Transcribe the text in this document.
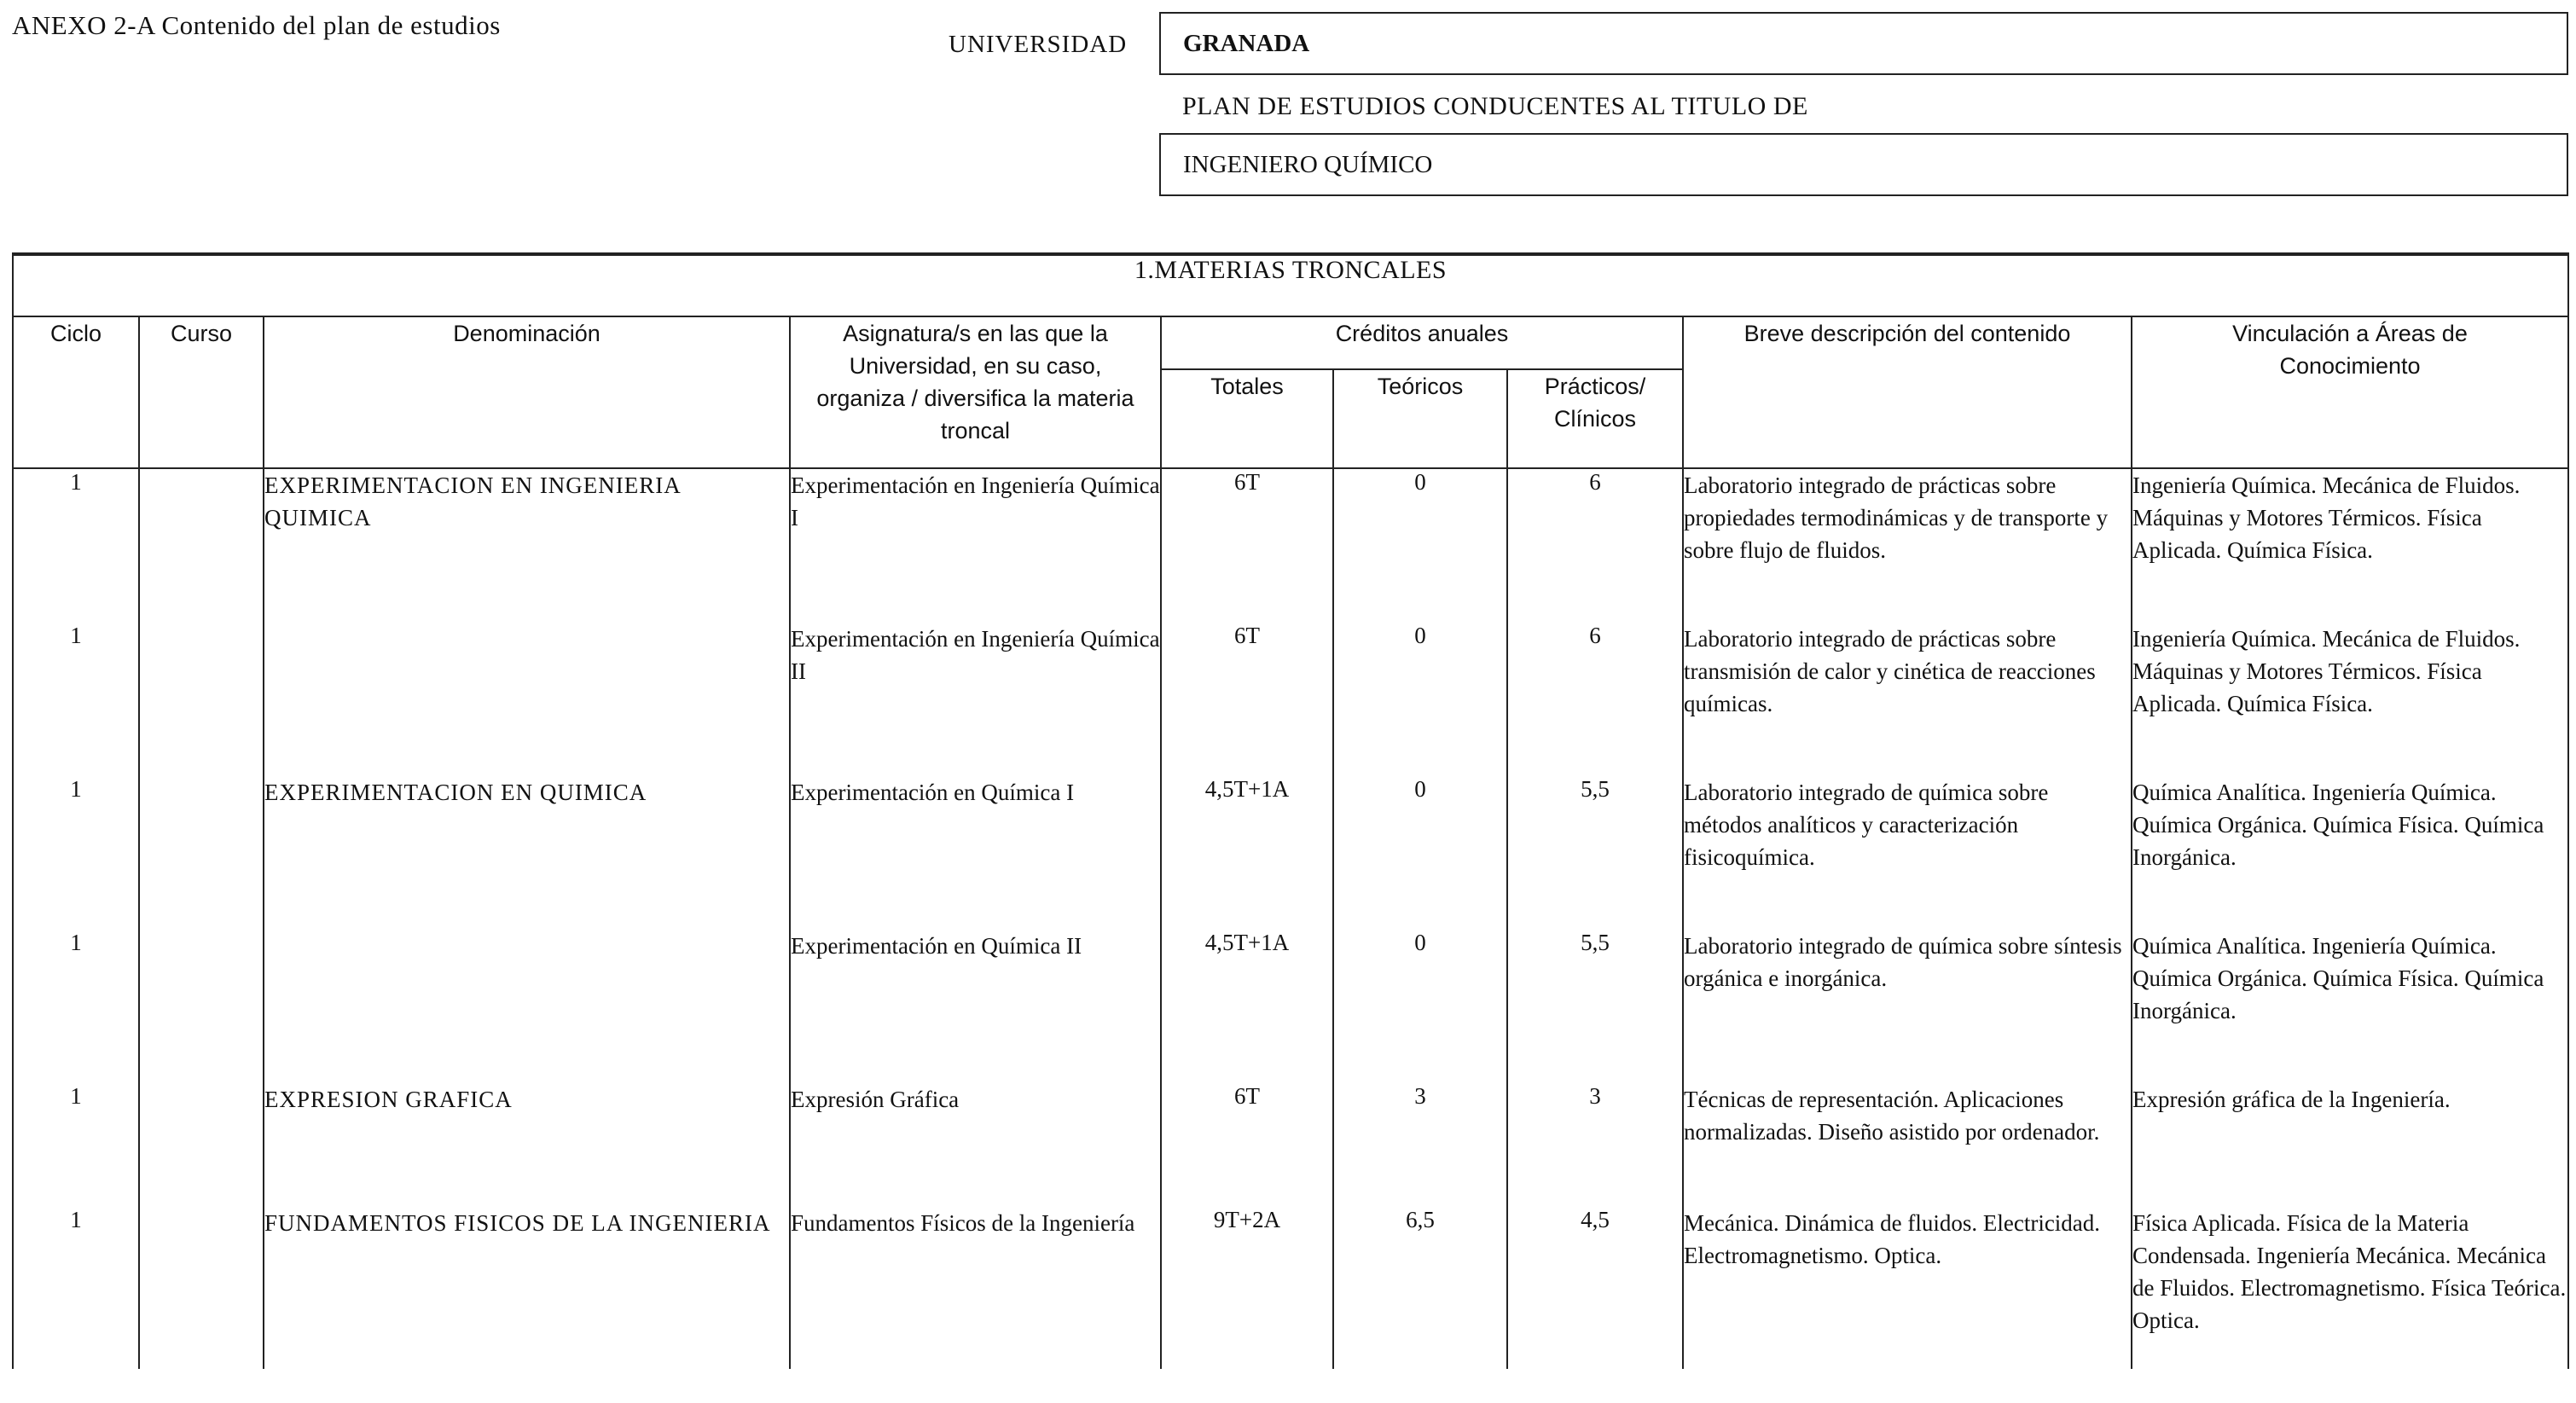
ANEXO 2-A Contenido del plan de estudios
UNIVERSIDAD GRANADA
PLAN DE ESTUDIOS CONDUCENTES AL TITULO DE
INGENIERO QUÍMICO
1.MATERIAS TRONCALES								
Ciclo	Curso	Denominación	Asignatura/s en las que la Universidad, en su caso, organiza / diversifica la materia troncal	Créditos anuales			Breve descripción del contenido	Vinculación a Áreas de Conocimiento
				Totales	Teóricos	Prácticos/ Clínicos		
1		EXPERIMENTACION EN INGENIERIA QUIMICA	Experimentación en Ingeniería Química I	6T	0	6	Laboratorio integrado de prácticas sobre propiedades termodinámicas y de transporte y sobre flujo de fluidos.	Ingeniería Química. Mecánica de Fluidos. Máquinas y Motores Térmicos. Física Aplicada. Química Física.
1			Experimentación en Ingeniería Química II	6T	0	6	Laboratorio integrado de prácticas sobre transmisión de calor y cinética de reacciones químicas.	Ingeniería Química. Mecánica de Fluidos. Máquinas y Motores Térmicos. Física Aplicada. Química Física.
1		EXPERIMENTACION EN QUIMICA	Experimentación en Química I	4,5T+1A	0	5,5	Laboratorio integrado de química sobre métodos analíticos y caracterización fisicoquímica.	Química Analítica. Ingeniería Química. Química Orgánica. Química Física. Química Inorgánica.
1			Experimentación en Química II	4,5T+1A	0	5,5	Laboratorio integrado de química sobre síntesis orgánica e inorgánica.	Química Analítica. Ingeniería Química. Química Orgánica. Química Física. Química Inorgánica.
1		EXPRESION GRAFICA	Expresión Gráfica	6T	3	3	Técnicas de representación. Aplicaciones normalizadas. Diseño asistido por ordenador.	Expresión gráfica de la Ingeniería.
1		FUNDAMENTOS FISICOS DE LA INGENIERIA	Fundamentos Físicos de la Ingeniería	9T+2A	6,5	4,5	Mecánica. Dinámica de fluidos. Electricidad. Electromagnetismo. Optica.	Física Aplicada. Física de la Materia Condensada. Ingeniería Mecánica. Mecánica de Fluidos. Electromagnetismo. Física Teórica. Optica.
